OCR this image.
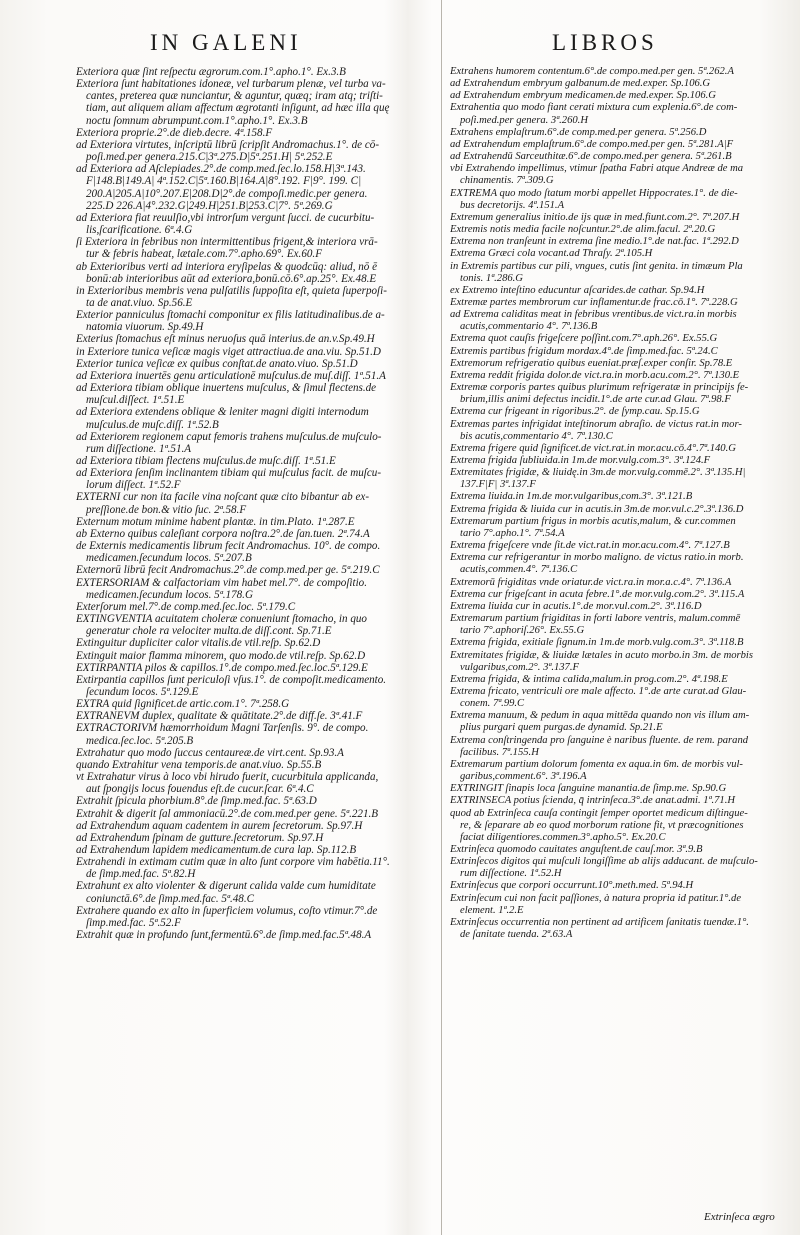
IN GALENI	LIBROS
Exteriora quæ ſint reſpectu ægrorum.com.1°.apho.1°. Ex.3.B
Exteriora ſunt habitationes idoneæ, vel turbarum plenæ, vel turba va-
cantes, preterea quæ nunciantur, & aguntur, quæq; iram atq; triſti-
tiam, aut aliquem aliam affectum ægrotanti inſigunt, ad hæc illa quę
noctu ſomnum abrumpunt.com.1°.apho.1°. Ex.3.B
Exteriora proprie.2°.de dieb.decre. 4ª.158.F
ad Exteriora virtutes, inſcriptū librū ſcripſit Andromachus.1°. de cō-
poſi.med.per genera.215.C|3ª.275.D|5ª.251.H| 5ª.252.E
ad Exteriora ad Aſclepiades.2°.de comp.med.ſec.lo.158.H|3ª.143.
F|148.B|149.A| 4ª.152.C|5ª.160.B|164.A|8°.192. F|9°. 199. C|
200.A|205.A|10°.207.E|208.D|2°.de compoſi.medic.per genera.
225.D 226.A|4°.232.G|249.H|251.B|253.C|7°. 5ª.269.G
ad Exteriora fiat reuulſio,vbi introrſum vergunt ſucci. de cucurbitu-
lis,ſcarificatione. 6ª.4.G
ſi Exteriora in febribus non intermittentibus frigent,& interiora vrā-
tur & febris habeat, lætale.com.7°.apho.69°. Ex.60.F
ab Exterioribus verti ad interiora eryſipelas & quodcūq: aliud, nō ē
bonū:ab interioribus aūt ad exteriora,bonū.cō.6°.ap.25°. Ex.48.E
in Exterioribus membris vena pulſatilis ſuppoſita eſt, quieta ſuperpoſi-
ta de anat.viuo. Sp.56.E
Exterior panniculus ſtomachi componitur ex filis latitudinalibus.de a-
natomia viuorum. Sp.49.H
Exterius ſtomachus eſt minus neruoſus quā interius.de an.v.Sp.49.H
in Exteriore tunica veſicæ magis viget attractiua.de ana.viu. Sp.51.D
Exterior tunica veſicæ ex quibus conſtat.de anato.viuo. Sp.51.D
ad Exteriora inuertēs genu articulationē muſculus.de muſ.diſſ. 1ª.51.A
ad Exteriora tibiam oblique inuertens muſculus, & ſimul flectens.de
muſcul.diſſect. 1ª.51.E
ad Exteriora extendens oblique & leniter magni digiti internodum
muſculus.de muſc.diſſ. 1ª.52.B
ad Exteriorem regionem caput femoris trahens muſculus.de muſculo-
rum diſſectione. 1ª.51.A
ad Exteriora tibiam flectens muſculus.de muſc.diſſ. 1ª.51.E
ad Exteriora ſenſim inclinantem tibiam qui muſculus facit. de muſcu-
lorum diſſect. 1ª.52.F
EXTERNI cur non ita facile vina noſcant quæ cito bibantur ab ex-
preſſione.de bon.& vitio ſuc. 2ª.58.F
Externum motum minime habent plantæ. in tim.Plato. 1ª.287.E
ab Externo quibus caleſiant corpora noſtra.2°.de ſan.tuen. 2ª.74.A
de Externis medicamentis librum fecit Andromachus. 10°. de compo.
medicamen.ſecundum locos. 5ª.207.B
Externorū librū fecit Andromachus.2°.de comp.med.per ge. 5ª.219.C
EXTERSORIAM & calfactoriam vim habet mel.7°. de compoſitio.
medicamen.ſecundum locos. 5ª.178.G
Exterſorum mel.7°.de comp.med.ſec.loc. 5ª.179.C
EXTINGVENTIA acuitatem choleræ conueniunt ſtomacho, in quo
generatur chole ra velociter multa.de diſſ.cont. Sp.71.E
Extinguitur dupliciter calor vitalis.de vtil.reſp. Sp.62.D
Extinguit maior flamma minorem, quo modo.de vtil.reſp. Sp.62.D
EXTIRPANTIA pilos & capillos.1°.de compo.med.ſec.loc.5ª.129.E
Extirpantia capillos ſunt periculoſi vſus.1°. de compoſit.medicamento.
ſecundum locos. 5ª.129.E
EXTRA quid ſignificet.de artic.com.1°. 7ª.258.G
EXTRANEVM duplex, qualitate & quātitate.2°.de diff.ſe. 3ª.41.F
EXTRACTORIVM hæmorrhoidum Magni Tarſenſis. 9°. de compo.
medica.ſec.loc. 5ª.205.B
Extrahatur quo modo ſuccus centaureæ.de virt.cent. Sp.93.A
quando Extrahitur vena temporis.de anat.viuo. Sp.55.B
vt Extrahatur virus à loco vbi hirudo fuerit, cucurbitula applicanda,
aut ſpongijs locus fouendus eſt.de cucur.ſcar. 6ª.4.C
Extrahit ſpicula phorbium.8°.de ſimp.med.fac. 5ª.63.D
Extrahit & digerit ſal ammoniacū.2°.de com.med.per gene. 5ª.221.B
ad Extrahendum aquam cadentem in aurem ſecretorum. Sp.97.H
ad Extrahendum ſpinam de gutture.ſecretorum. Sp.97.H
ad Extrahendum lapidem medicamentum.de cura lap. Sp.112.B
Extrahendi in extimam cutim quæ in alto ſunt corpore vim habētia.11°.
de ſimp.med.fac. 5ª.82.H
Extrahunt ex alto violenter & digerunt calida valde cum humiditate
coniunctā.6°.de ſimp.med.fac. 5ª.48.C
Extrahere quando ex alto in ſuperficiem volumus, coſto vtimur.7°.de
ſimp.med.fac. 5ª.52.F
Extrahit quæ in profundo ſunt,fermentū.6°.de ſimp.med.fac.5ª.48.A
Extrahens humorem contentum.6°.de compo.med.per gen. 5ª.262.A
ad Extrahendum embryum galbanum.de med.exper. Sp.106.G
ad Extrahendum embryum medicamen.de med.exper. Sp.106.G
Extrahentia quo modo fiant cerati mixtura cum explenia.6°.de com-
poſi.med.per genera. 3ª.260.H
Extrahens emplaſtrum.6°.de comp.med.per genera. 5ª.256.D
ad Extrahendum emplaſtrum.6°.de compo.med.per gen. 5ª.281.A|F
ad Extrahendū Sarceuthitæ.6°.de compo.med.per genera. 5ª.261.B
vbi Extrahendo impellimus, vtimur ſpatha Fabri atque Andreæ de ma
chinamentis. 7ª.309.G
EXTREMA quo modo ſtatum morbi appellet Hippocrates.1°. de die-
bus decretorijs. 4ª.151.A
Extremum generalius initio.de ijs quæ in med.fiunt.com.2°. 7ª.207.H
Extremis notis media facile noſcuntur.2°.de alim.facul. 2ª.20.G
Extrema non tranſeunt in extrema ſine medio.1°.de nat.fac. 1ª.292.D
Extrema Græci cola vocant.ad Thraſy. 2ª.105.H
in Extremis partibus cur pili, vngues, cutis ſint genita. in timæum Pla
tonis. 1ª.286.G
ex Extremo inteſtino educuntur aſcarides.de cathar. Sp.94.H
Extremæ partes membrorum cur inflamentur.de frac.cō.1°. 7ª.228.G
ad Extrema caliditas meat in febribus vrentibus.de vict.ra.in morbis
acutis,commentario 4°. 7ª.136.B
Extrema quot cauſis frigeſcere poſſint.com.7°.aph.26°. Ex.55.G
Extremis partibus frigidum mordax.4°.de ſimp.med.fac. 5ª.24.C
Extremorum refrigeratio quibus eueniat.præſ.exper conſir. Sp.78.E
Extrema reddit frigida dolor.de vict.ra.in morb.acu.com.2°. 7ª.130.E
Extremæ corporis partes quibus plurimum refrigeratæ in principijs fe-
brium,illis animi defectus incidit.1°.de arte cur.ad Glau. 7ª.98.F
Extrema cur frigeant in rigoribus.2°. de ſymp.cau. Sp.15.G
Extremas partes infrigidat inteſtinorum abraſio. de victus rat.in mor-
bis acutis,commentario 4°. 7ª.130.C
Extrema frigere quid ſignificet.de vict.rat.in mor.acu.cō.4°.7ª.140.G
Extrema frigida ſubliuida.in 1m.de mor.vulg.com.3°. 3ª.124.F
Extremitates frigidæ, & liuidę.in 3m.de mor.vulg.commē.2°. 3ª.135.H|
137.F|F| 3ª.137.F
Extrema liuida.in 1m.de mor.vulgaribus,com.3°. 3ª.121.B
Extrema frigida & liuida cur in acutis.in 3m.de mor.vul.c.2°.3ª.136.D
Extremarum partium frigus in morbis acutis,malum, & cur.commen
tario 7°.apho.1°. 7ª.54.A
Extrema frigeſcere vnde ſit.de vict.rat.in mor.acu.com.4°. 7ª.127.B
Extrema cur refrigerantur in morbo maligno. de victus ratio.in morb.
acutis,commen.4°. 7ª.136.C
Extremorū frigiditas vnde oriatur.de vict.ra.in mor.a.c.4°. 7ª.136.A
Extrema cur frigeſcant in acuta febre.1°.de mor.vulg.com.2°. 3ª.115.A
Extrema liuida cur in acutis.1°.de mor.vul.com.2°. 3ª.116.D
Extremarum partium frigiditas in forti labore ventris, malum.commē
tario 7°.aphoriſ.26°. Ex.55.G
Extrema frigida, exitiale ſignum.in 1m.de morb.vulg.com.3°. 3ª.118.B
Extremitates frigidæ, & liuidæ lætales in acuto morbo.in 3m. de morbis
vulgaribus,com.2°. 3ª.137.F
Extrema frigida, & intima calida,malum.in prog.com.2°. 4ª.198.E
Extrema fricato, ventriculi ore male affecto. 1°.de arte curat.ad Glau-
conem. 7ª.99.C
Extrema manuum, & pedum in aqua mittēda quando non vis illum am-
plius purgari quem purgas.de dynamid. Sp.21.E
Extrema conſtringenda pro ſanguine è naribus fluente. de rem. parand
facilibus. 7ª.155.H
Extremarum partium dolorum fomenta ex aqua.in 6m. de morbis vul-
garibus,comment.6°. 3ª.196.A
EXTRINGIT ſinapis loca ſanguine manantia.de ſimp.me. Sp.90.G
EXTRINSECA potius ſcienda, q̄ intrinſeca.3°.de anat.admi. 1ª.71.H
quod ab Extrinſeca cauſa contingit ſemper oportet medicum diſtingue-
re, & ſeparare ab eo quod morborum ratione fit, vt præcognitiones
faciat diligentiores.commen.3°.apho.5°. Ex.20.C
Extrinſeca quomodo cauitates anguſtent.de cauſ.mor. 3ª.9.B
Extrinſecos digitos qui muſculi longiſſime ab alijs adducant. de muſculo-
rum diſſectione. 1ª.52.H
Extrinſecus que corpori occurrunt.10°.meth.med. 5ª.94.H
Extrinſecum cui non facit paſſiones, à natura propria id patitur.1°.de
element. 1ª.2.E
Extrinſecus occurrentia non pertinent ad artificem ſanitatis tuendæ.1°.
de ſanitate tuenda. 2ª.63.A
Extrinſeca ægro
